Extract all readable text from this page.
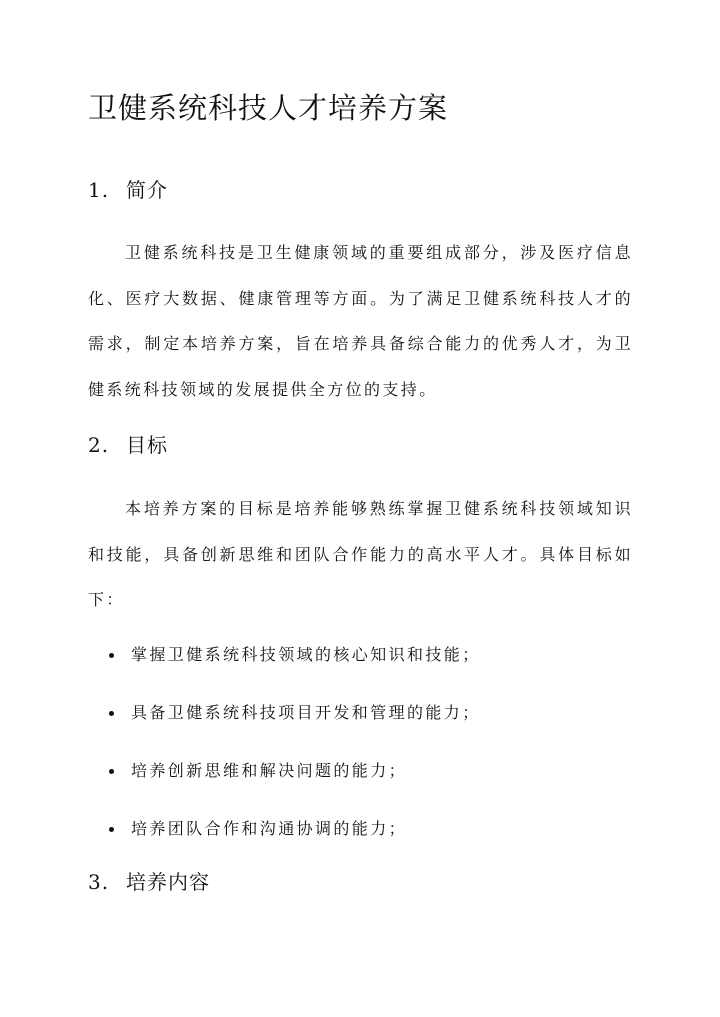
卫健系统科技人才培养方案
1. 简介

卫健系统科技是卫生健康领域的重要组成部分，涉及医疗信息化、医疗大数据、健康管理等方面。为了满足卫健系统科技人才的需求，制定本培养方案，旨在培养具备综合能力的优秀人才，为卫健系统科技领域的发展提供全方位的支持。

2. 目标

本培养方案的目标是培养能够熟练掌握卫健系统科技领域知识和技能，具备创新思维和团队合作能力的高水平人才。具体目标如下：

掌握卫健系统科技领域的核心知识和技能；
具备卫健系统科技项目开发和管理的能力；
培养创新思维和解决问题的能力；
培养团队合作和沟通协调的能力；
3. 培养内容
